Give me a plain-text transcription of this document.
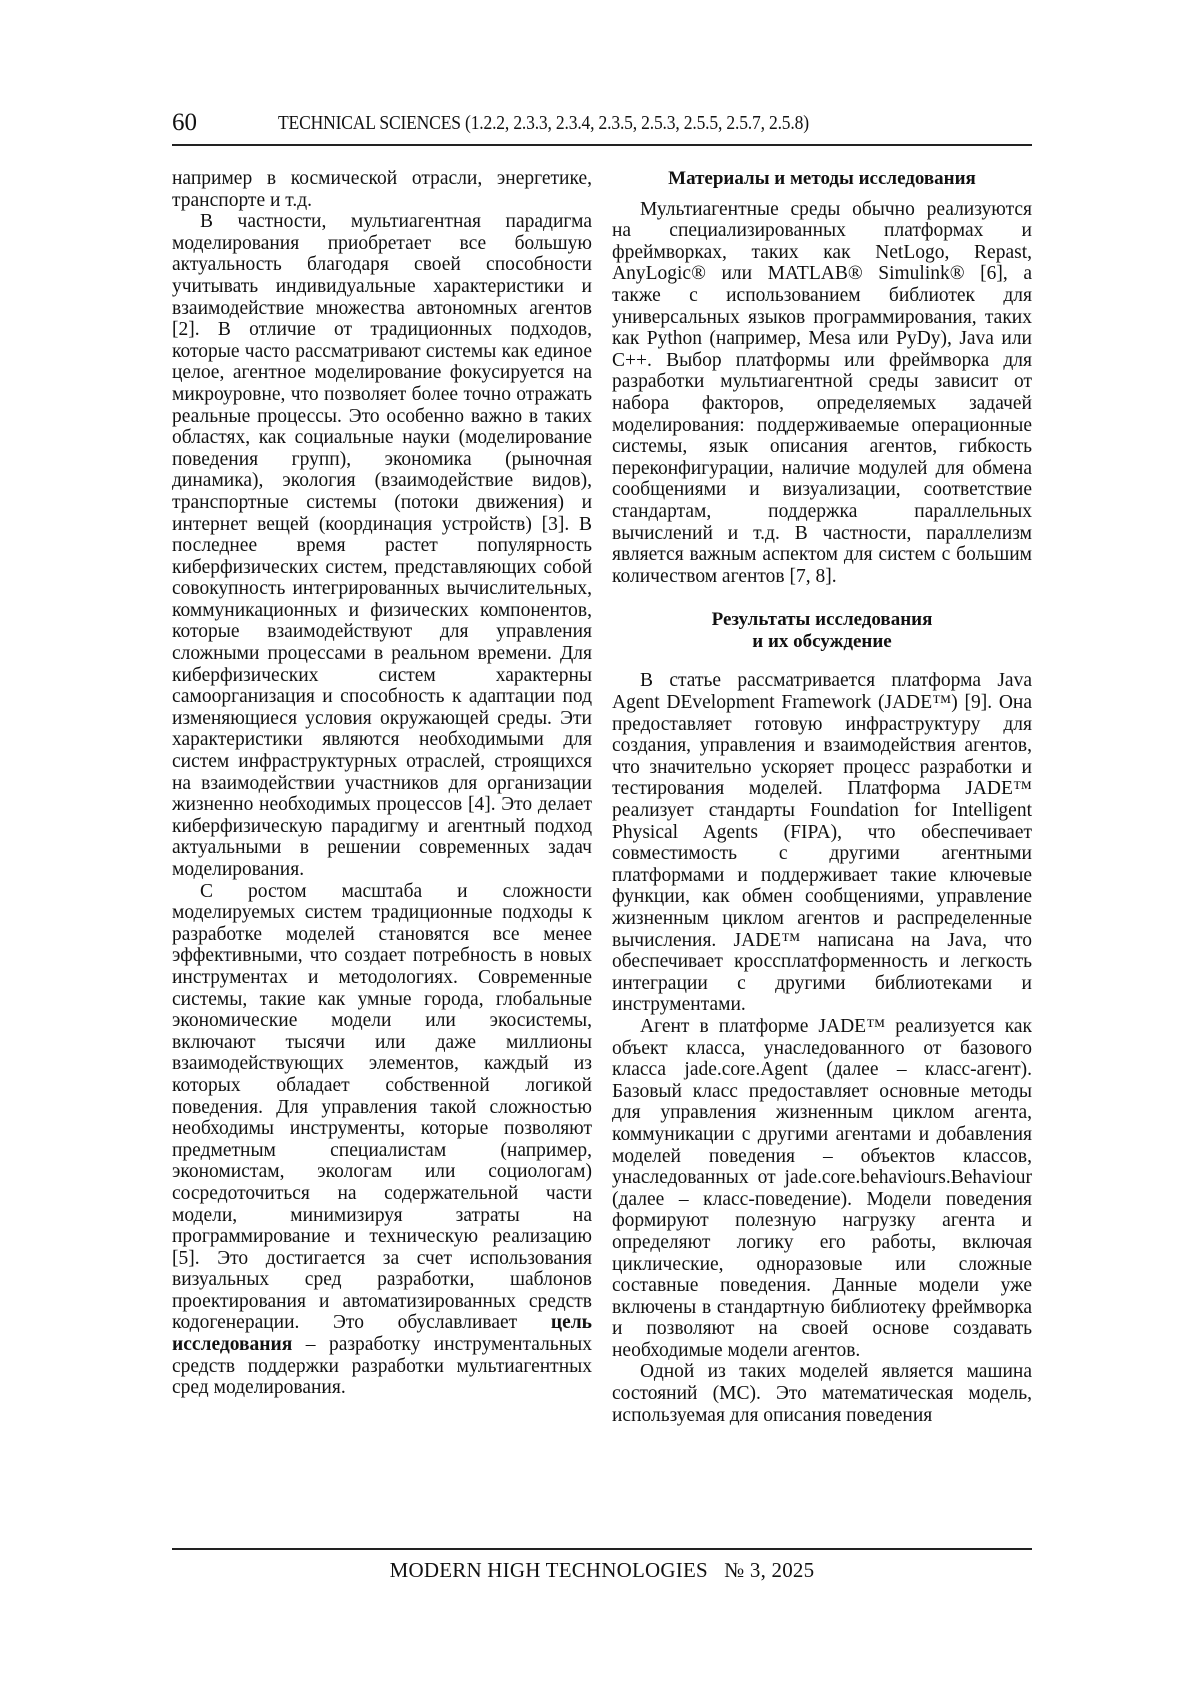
60	TECHNICAL SCIENCES (1.2.2, 2.3.3, 2.3.4, 2.3.5, 2.5.3, 2.5.5, 2.5.7, 2.5.8)

например в космической отрасли, энергетике, транспорте и т.д.

В частности, мультиагентная парадигма моделирования приобретает все большую актуальность благодаря своей способности учитывать индивидуальные характеристики и взаимодействие множества автономных агентов [2]. В отличие от традиционных подходов, которые часто рассматривают системы как единое целое, агентное моделирование фокусируется на микроуровне, что позволяет более точно отражать реальные процессы. Это особенно важно в таких областях, как социальные науки (моделирование поведения групп), экономика (рыночная динамика), экология (взаимодействие видов), транспортные системы (потоки движения) и интернет вещей (координация устройств) [3]. В последнее время растет популярность киберфизических систем, представляющих собой совокупность интегрированных вычислительных, коммуникационных и физических компонентов, которые взаимодействуют для управления сложными процессами в реальном времени. Для киберфизических систем характерны самоорганизация и способность к адаптации под изменяющиеся условия окружающей среды. Эти характеристики являются необходимыми для систем инфраструктурных отраслей, строящихся на взаимодействии участников для организации жизненно необходимых процессов [4]. Это делает киберфизическую парадигму и агентный подход актуальными в решении современных задач моделирования.

С ростом масштаба и сложности моделируемых систем традиционные подходы к разработке моделей становятся все менее эффективными, что создает потребность в новых инструментах и методологиях. Современные системы, такие как умные города, глобальные экономические модели или экосистемы, включают тысячи или даже миллионы взаимодействующих элементов, каждый из которых обладает собственной логикой поведения. Для управления такой сложностью необходимы инструменты, которые позволяют предметным специалистам (например, экономистам, экологам или социологам) сосредоточиться на содержательной части модели, минимизируя затраты на программирование и техническую реализацию [5]. Это достигается за счет использования визуальных сред разработки, шаблонов проектирования и автоматизированных средств кодогенерации. Это обуславливает цель исследования – разработку инструментальных средств поддержки разработки мультиагентных сред моделирования.

Материалы и методы исследования

Мультиагентные среды обычно реализуются на специализированных платформах и фреймворках, таких как NetLogo, Repast, AnyLogic® или MATLAB® Simulink® [6], а также с использованием библиотек для универсальных языков программирования, таких как Python (например, Mesa или PyDy), Java или C++. Выбор платформы или фреймворка для разработки мультиагентной среды зависит от набора факторов, определяемых задачей моделирования: поддерживаемые операционные системы, язык описания агентов, гибкость переконфигурации, наличие модулей для обмена сообщениями и визуализации, соответствие стандартам, поддержка параллельных вычислений и т.д. В частности, параллелизм является важным аспектом для систем с большим количеством агентов [7, 8].

Результаты исследования
и их обсуждение

В статье рассматривается платформа Java Agent DEvelopment Framework (JADE™) [9]. Она предоставляет готовую инфраструктуру для создания, управления и взаимодействия агентов, что значительно ускоряет процесс разработки и тестирования моделей. Платформа JADE™ реализует стандарты Foundation for Intelligent Physical Agents (FIPA), что обеспечивает совместимость с другими агентными платформами и поддерживает такие ключевые функции, как обмен сообщениями, управление жизненным циклом агентов и распределенные вычисления. JADE™ написана на Java, что обеспечивает кроссплатформенность и легкость интеграции с другими библиотеками и инструментами.

Агент в платформе JADE™ реализуется как объект класса, унаследованного от базового класса jade.core.Agent (далее – класс-агент). Базовый класс предоставляет основные методы для управления жизненным циклом агента, коммуникации с другими агентами и добавления моделей поведения – объектов классов, унаследованных от jade.core.behaviours.Behaviour (далее – класс-поведение). Модели поведения формируют полезную нагрузку агента и определяют логику его работы, включая циклические, одноразовые или сложные составные поведения. Данные модели уже включены в стандартную библиотеку фреймворка и позволяют на своей основе создавать необходимые модели агентов.

Одной из таких моделей является машина состояний (МС). Это математическая модель, используемая для описания поведения

MODERN HIGH TECHNOLOGIES № 3, 2025
